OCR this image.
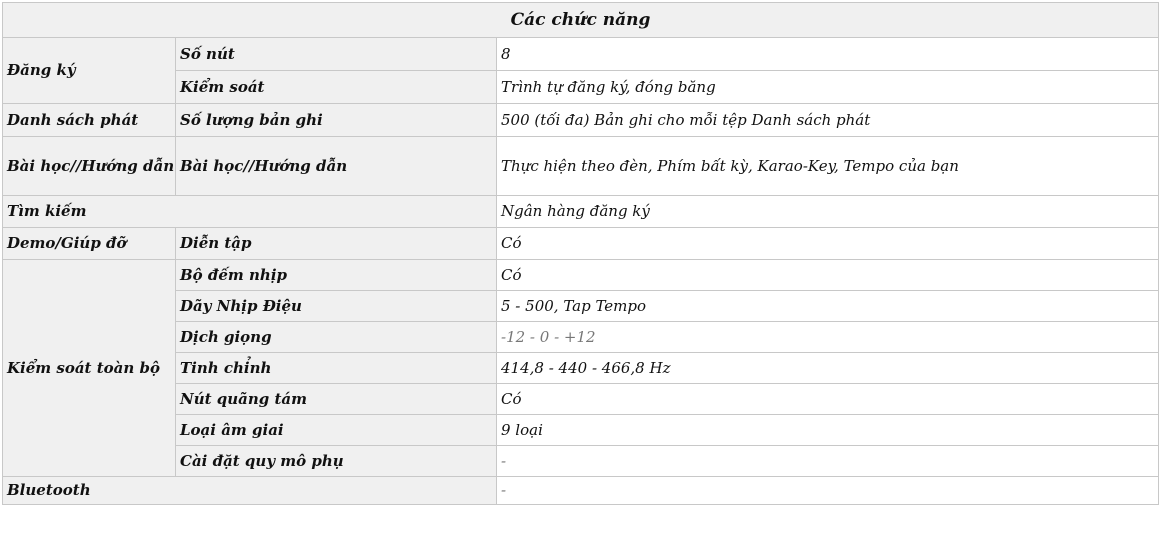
Các chức năng		
Đăng ký	Số nút	8
	Kiểm soát	Trình tự đăng ký, đóng băng
Danh sách phát	Số lượng bản ghi	500 (tối đa) Bản ghi cho mỗi tệp Danh sách phát
Bài học//Hướng dẫn	Bài học//Hướng dẫn	Thực hiện theo đèn, Phím bất kỳ, Karao-Key, Tempo của bạn
Tìm kiếm		Ngân hàng đăng ký
Demo/Giúp đỡ	Diễn tập	Có
Kiểm soát toàn bộ	Bộ đếm nhịp	Có
	Dãy Nhịp Điệu	5 - 500, Tap Tempo
	Dịch giọng	-12 - 0 - +12
	Tinh chỉnh	414,8 - 440 - 466,8 Hz
	Nút quãng tám	Có
	Loại âm giai	9 loại
	Cài đặt quy mô phụ	-
Bluetooth		-
